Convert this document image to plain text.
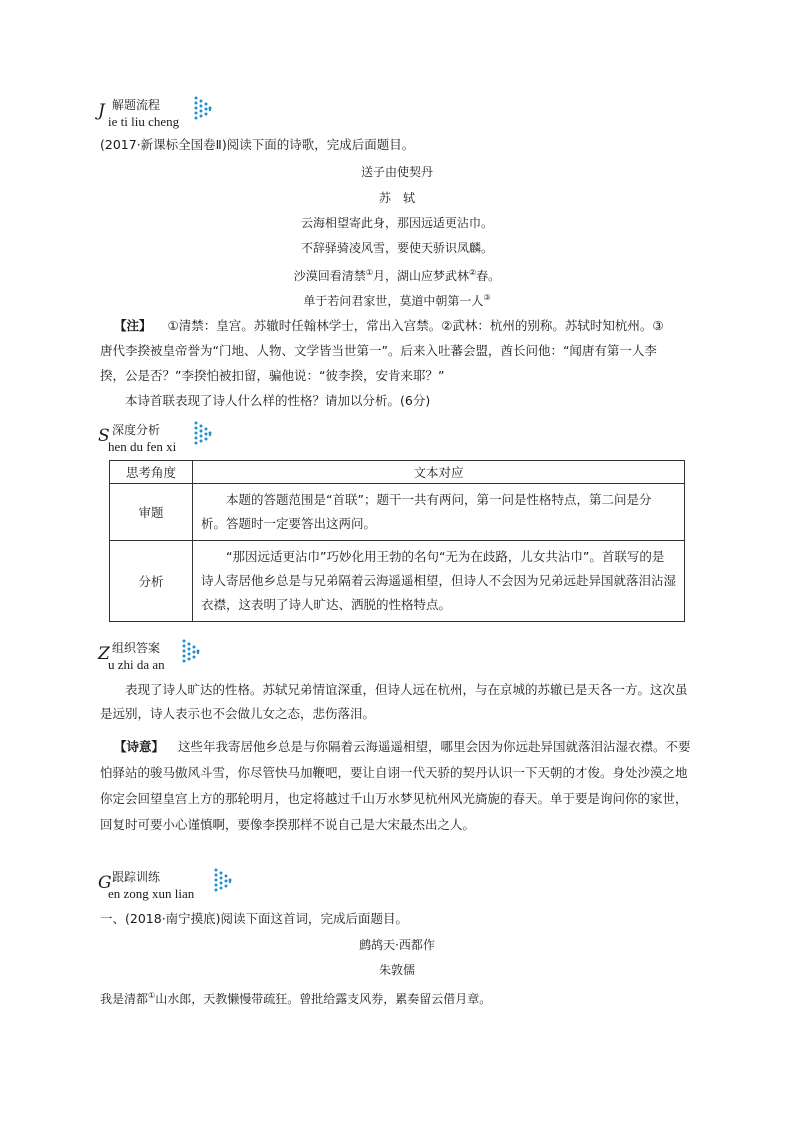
J 解题流程
ie ti liu cheng
(2017·新课标全国卷Ⅱ)阅读下面的诗歌，完成后面题目。
送子由使契丹
苏　轼
云海相望寄此身，那因远适更沾巾。
不辞驿骑凌风雪，要使天骄识凤麟。
沙漠回看清禁①月，湖山应梦武林②春。
单于若问君家世，莫道中朝第一人③
【注】 ①清禁：皇宫。苏辙时任翰林学士，常出入宫禁。②武林：杭州的别称。苏轼时知杭州。③
唐代李揆被皇帝誉为“门地、人物、文学皆当世第一”。后来入吐蕃会盟，酋长问他：“闻唐有第一人李
揆，公是否？”李揆怕被扣留，骗他说：“彼李揆，安肯来耶？”
本诗首联表现了诗人什么样的性格？请加以分析。(6分)
S 深度分析
hen du fen xi
思考角度	文本对应
审题	本题的答题范围是“首联”；题干一共有两问，第一问是性格特点，第二问是分析。答题时一定要答出这两问。
分析	“那因远适更沾巾”巧妙化用王勃的名句“无为在歧路，儿女共沾巾”。首联写的是诗人寄居他乡总是与兄弟隔着云海遥遥相望，但诗人不会因为兄弟远赴异国就落泪沾湿衣襟，这表明了诗人旷达、洒脱的性格特点。
Z 组织答案
u zhi da an
表现了诗人旷达的性格。苏轼兄弟情谊深重，但诗人远在杭州，与在京城的苏辙已是天各一方。这次虽是远别，诗人表示也不会做儿女之态，悲伤落泪。
【诗意】 这些年我寄居他乡总是与你隔着云海遥遥相望，哪里会因为你远赴异国就落泪沾湿衣襟。不要怕驿站的骏马傲风斗雪，你尽管快马加鞭吧，要让自诩一代天骄的契丹认识一下天朝的才俊。身处沙漠之地你定会回望皇宫上方的那轮明月，也定将越过千山万水梦见杭州风光旖旎的春天。单于要是询问你的家世，回复时可要小心谨慎啊，要像李揆那样不说自己是大宋最杰出之人。
G 跟踪训练
en zong xun lian
一、(2018·南宁摸底)阅读下面这首词，完成后面题目。
鹧鸪天·西都作
朱敦儒
我是清都①山水郎，天教懒慢带疏狂。曾批给露支风券，累奏留云借月章。
